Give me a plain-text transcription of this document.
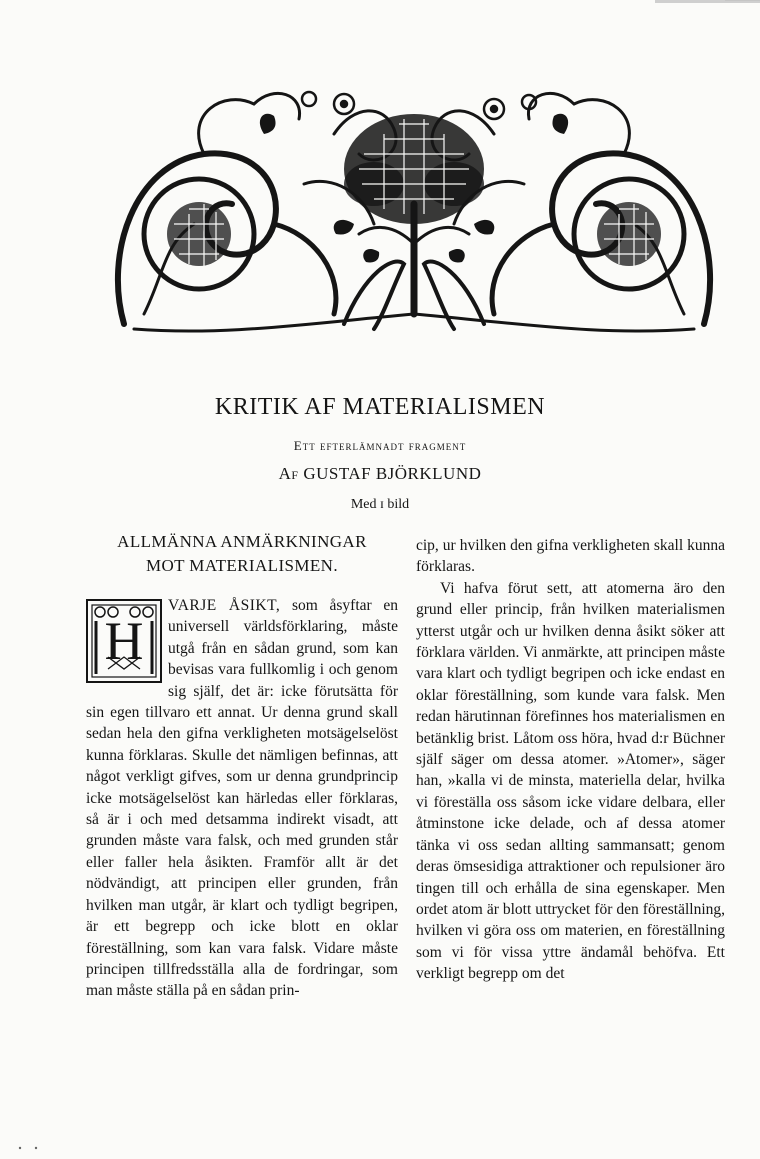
KRITIK AF MATERIALISMEN
Ett efterlämnadt fragment
Af GUSTAF BJÖRKLUND
Med ɪ bild
ALLMÄNNA ANMÄRKNINGAR
MOT MATERIALISMEN.

H
VARJE ÅSIKT, som åsyftar en universell världsförklaring, måste utgå från en sådan grund, som kan bevisas vara fullkomlig i och genom sig själf, det är: icke förutsätta för sin egen tillvaro ett annat. Ur denna grund skall sedan hela den gifna verkligheten motsägelselöst kunna förklaras. Skulle det nämligen befinnas, att något verkligt gifves, som ur denna grundprincip icke motsägelselöst kan härledas eller förklaras, så är i och med detsamma indirekt visadt, att grunden måste vara falsk, och med grunden står eller faller hela åsikten. Framför allt är det nödvändigt, att principen eller grunden, från hvilken man utgår, är klart och tydligt begripen, är ett begrepp och icke blott en oklar föreställning, som kan vara falsk. Vidare måste principen tillfredsställa alla de fordringar, som man måste ställa på en sådan prin-

cip, ur hvilken den gifna verkligheten skall kunna förklaras.

Vi hafva förut sett, att atomerna äro den grund eller princip, från hvilken materialismen ytterst utgår och ur hvilken denna åsikt söker att förklara världen. Vi anmärkte, att principen måste vara klart och tydligt begripen och icke endast en oklar föreställning, som kunde vara falsk. Men redan härutinnan förefinnes hos materialismen en betänklig brist. Låtom oss höra, hvad d:r Büchner själf säger om dessa atomer. »Atomer», säger han, »kalla vi de minsta, materiella delar, hvilka vi föreställa oss såsom icke vidare delbara, eller åtminstone icke delade, och af dessa atomer tänka vi oss sedan allting sammansatt; genom deras ömsesidiga attraktioner och repulsioner äro tingen till och erhålla de sina egenskaper. Men ordet atom är blott uttrycket för den föreställning, hvilken vi göra oss om materien, en föreställning som vi för vissa yttre ändamål behöfva. Ett verkligt begrepp om det
